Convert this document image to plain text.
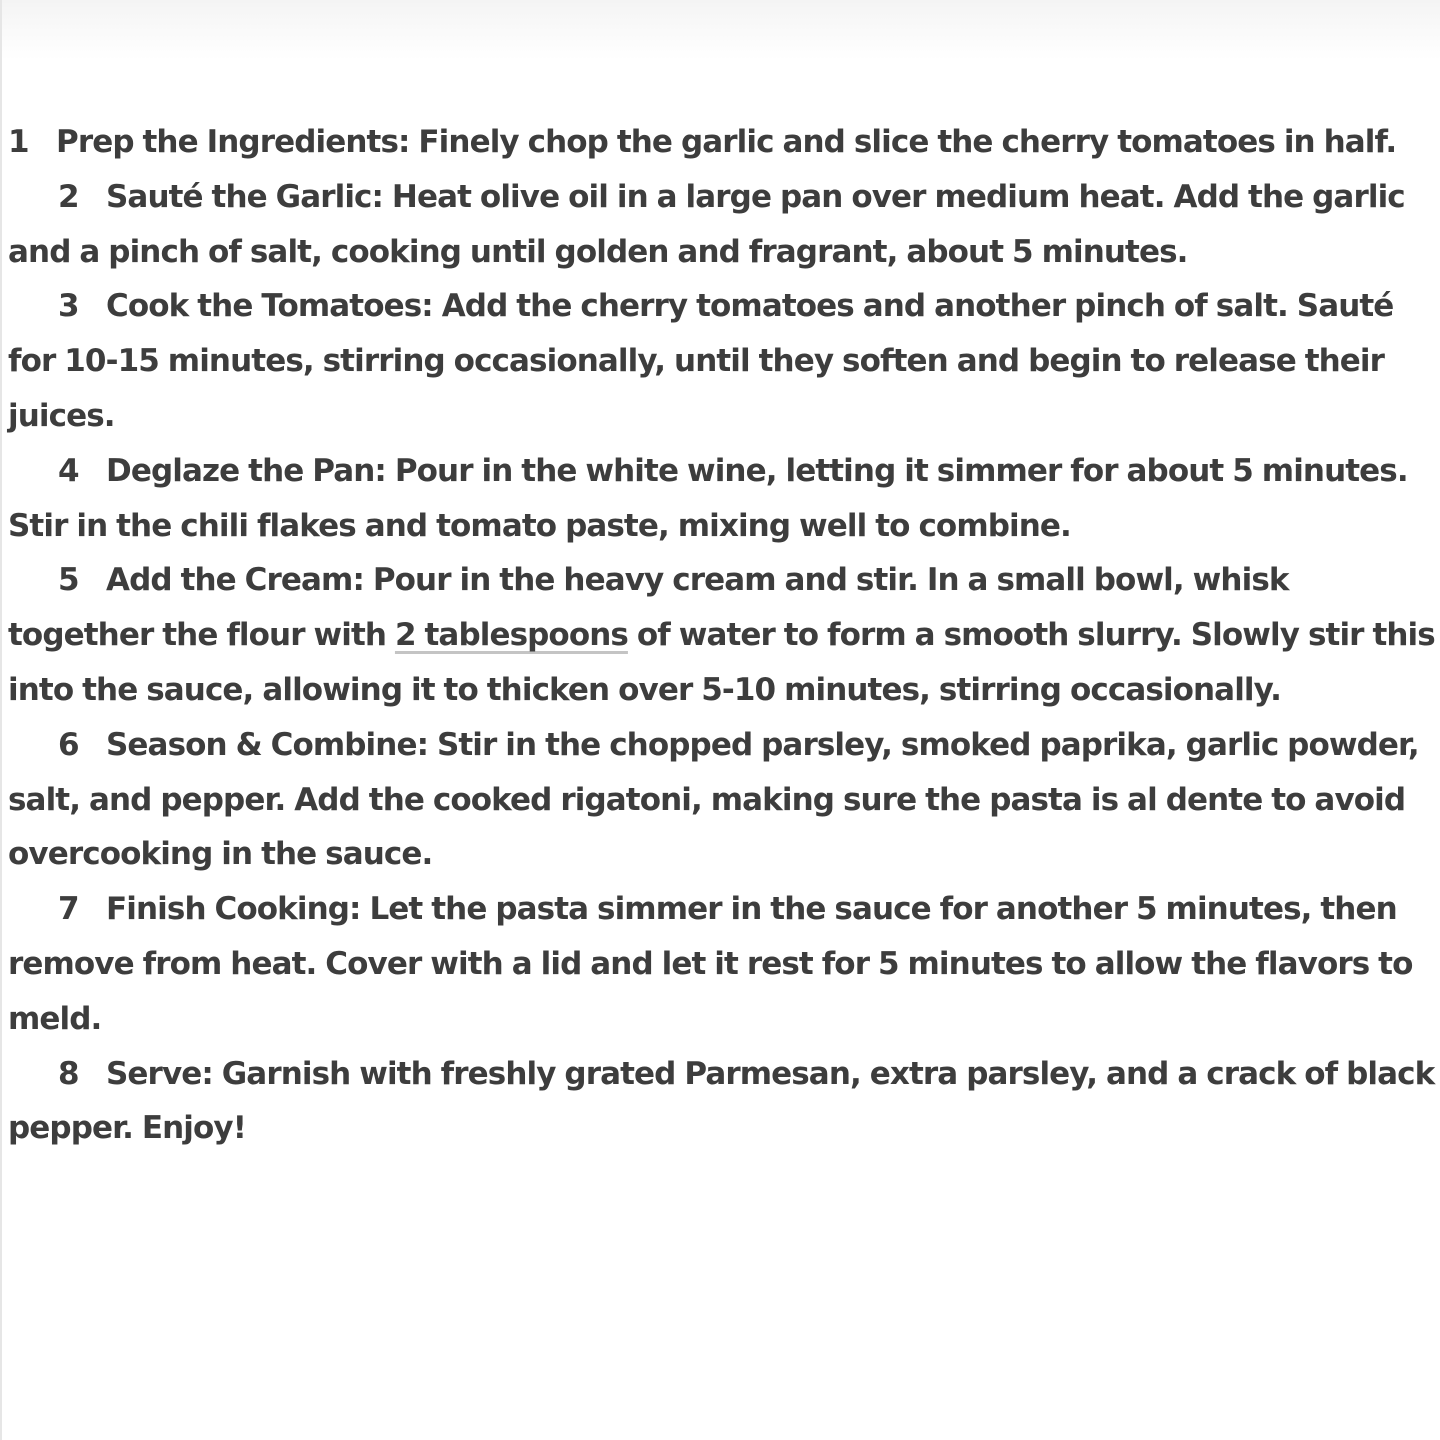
1 Prep the Ingredients: Finely chop the garlic and slice the cherry tomatoes in half.

2 Sauté the Garlic: Heat olive oil in a large pan over medium heat. Add the garlic and a pinch of salt, cooking until golden and fragrant, about 5 minutes.

3 Cook the Tomatoes: Add the cherry tomatoes and another pinch of salt. Sauté for 10-15 minutes, stirring occasionally, until they soften and begin to release their juices.

4 Deglaze the Pan: Pour in the white wine, letting it simmer for about 5 minutes. Stir in the chili flakes and tomato paste, mixing well to combine.

5 Add the Cream: Pour in the heavy cream and stir. In a small bowl, whisk together the flour with 2 tablespoons of water to form a smooth slurry. Slowly stir this into the sauce, allowing it to thicken over 5-10 minutes, stirring occasionally.

6 Season & Combine: Stir in the chopped parsley, smoked paprika, garlic powder, salt, and pepper. Add the cooked rigatoni, making sure the pasta is al dente to avoid overcooking in the sauce.

7 Finish Cooking: Let the pasta simmer in the sauce for another 5 minutes, then remove from heat. Cover with a lid and let it rest for 5 minutes to allow the flavors to meld.

8 Serve: Garnish with freshly grated Parmesan, extra parsley, and a crack of black pepper. Enjoy!
